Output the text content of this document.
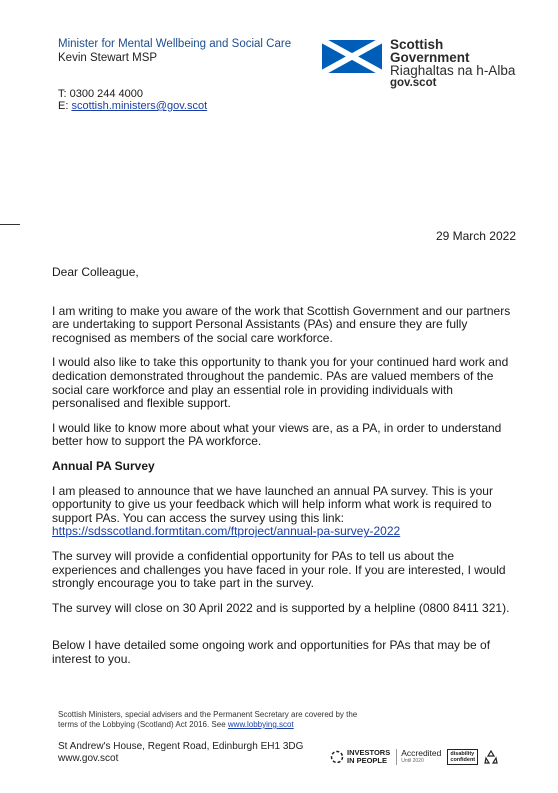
Minister for Mental Wellbeing and Social Care
Kevin Stewart MSP
T: 0300 244 4000
E: scottish.ministers@gov.scot
Scottish Government
Riaghaltas na h-Alba
gov.scot
29 March 2022

Dear Colleague,

I am writing to make you aware of the work that Scottish Government and our partners are undertaking to support Personal Assistants (PAs) and ensure they are fully recognised as members of the social care workforce.

I would also like to take this opportunity to thank you for your continued hard work and dedication demonstrated throughout the pandemic. PAs are valued members of the social care workforce and play an essential role in providing individuals with personalised and flexible support.

I would like to know more about what your views are, as a PA, in order to understand better how to support the PA workforce.

Annual PA Survey

I am pleased to announce that we have launched an annual PA survey. This is your opportunity to give us your feedback which will help inform what work is required to support PAs. You can access the survey using this link:
https://sdsscotland.formtitan.com/ftproject/annual-pa-survey-2022

The survey will provide a confidential opportunity for PAs to tell us about the experiences and challenges you have faced in your role. If you are interested, I would strongly encourage you to take part in the survey.

The survey will close on 30 April 2022 and is supported by a helpline (0800 8411 321).

Below I have detailed some ongoing work and opportunities for PAs that may be of interest to you.

Scottish Ministers, special advisers and the Permanent Secretary are covered by the terms of the Lobbying (Scotland) Act 2016. See www.lobbying.scot
St Andrew's House, Regent Road, Edinburgh EH1 3DG
www.gov.scot
INVESTORS
IN PEOPLE
Accredited
Until 2020
disability
confident
